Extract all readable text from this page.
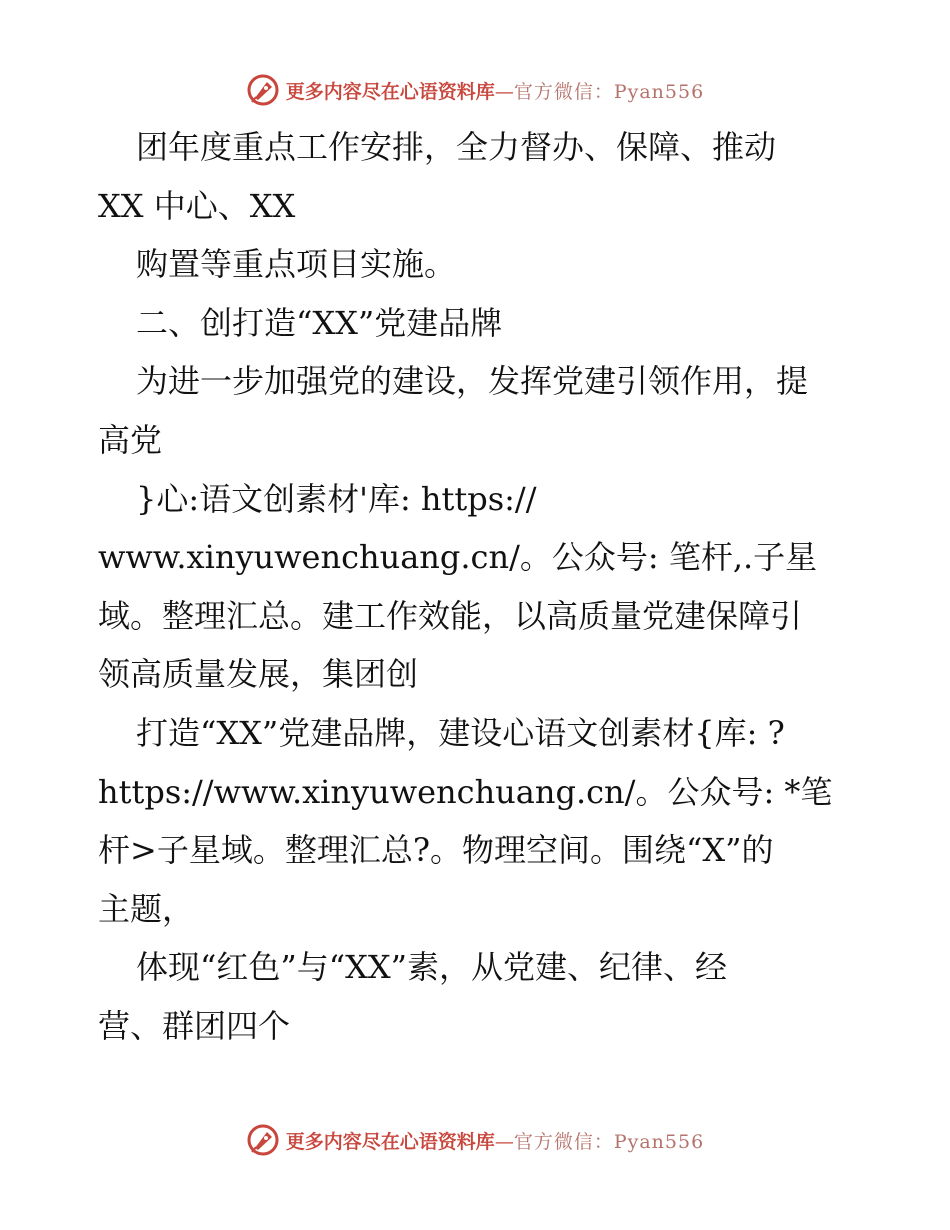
更多内容尽在心语资料库—官方微信：Pyan556
团年度重点工作安排，全力督办、保障、推动
XX 中心、XX
购置等重点项目实施。
二、创打造“XX”党建品牌
为进一步加强党的建设，发挥党建引领作用，提
高党
}心:语文创素材'库: https://
www.xinyuwenchuang.cn/。公众号: 笔杆,.子星
域。整理汇总。建工作效能，以高质量党建保障引
领高质量发展，集团创
打造“XX”党建品牌，建设心语文创素材{库: ?
https://www.xinyuwenchuang.cn/。公众号: *笔
杆>子星域。整理汇总?。物理空间。围绕“X”的
主题，
体现“红色”与“XX”素，从党建、纪律、经
营、群团四个
更多内容尽在心语资料库—官方微信：Pyan556
